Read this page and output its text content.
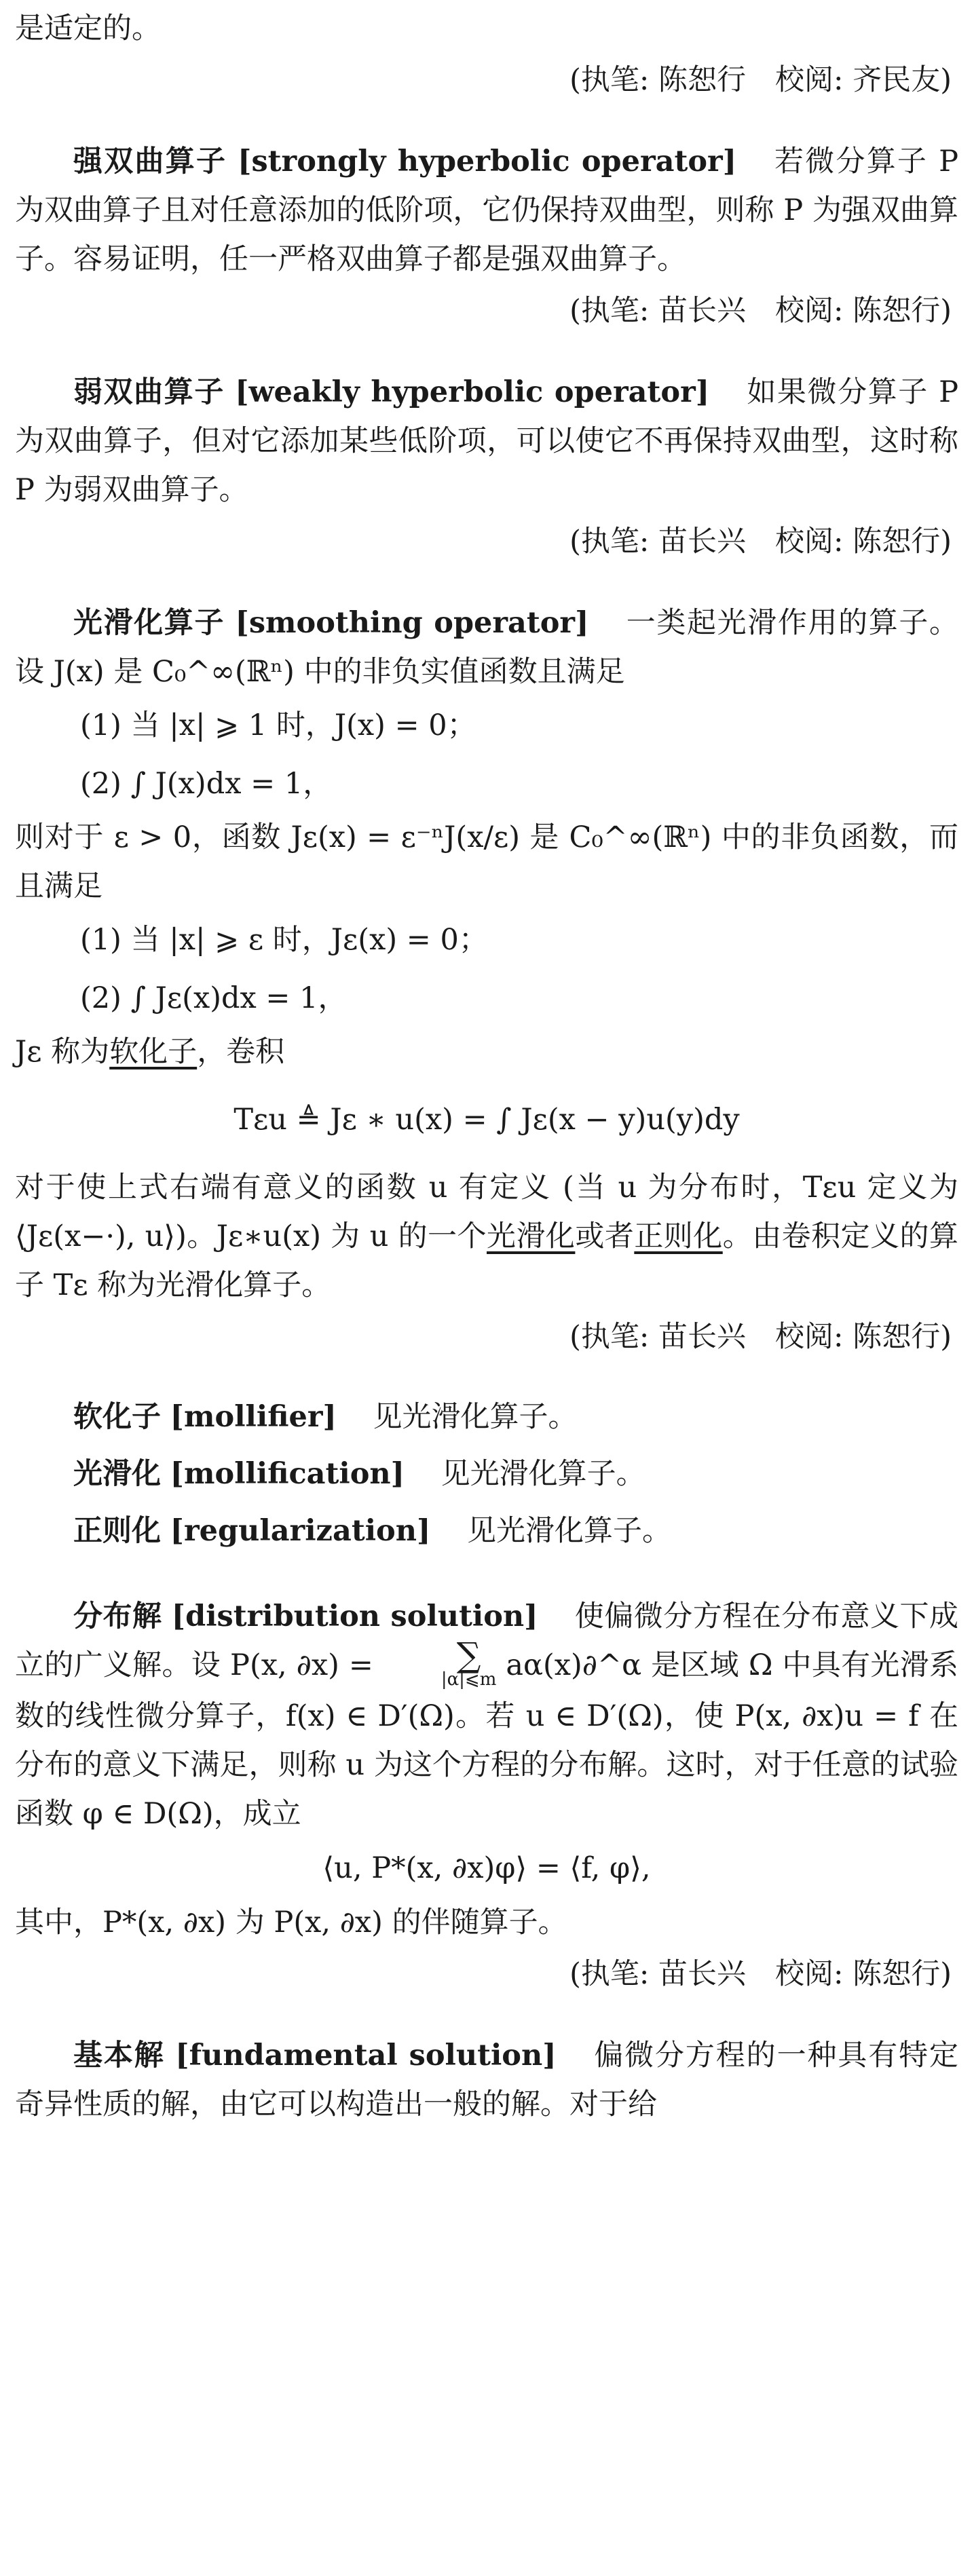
是适定的。

(执笔: 陈恕行　校阅: 齐民友)

强双曲算子 [strongly hyperbolic operator] 若微分算子 P 为双曲算子且对任意添加的低阶项，它仍保持双曲型，则称 P 为强双曲算子。容易证明，任一严格双曲算子都是强双曲算子。

(执笔: 苗长兴　校阅: 陈恕行)

弱双曲算子 [weakly hyperbolic operator] 如果微分算子 P 为双曲算子，但对它添加某些低阶项，可以使它不再保持双曲型，这时称 P 为弱双曲算子。

(执笔: 苗长兴　校阅: 陈恕行)

光滑化算子 [smoothing operator] 一类起光滑作用的算子。设 J(x) 是 C₀^∞(ℝⁿ) 中的非负实值函数且满足

(1) 当 |x| ⩾ 1 时，J(x) = 0；

(2) ∫ J(x)dx = 1，

则对于 ε > 0，函数 Jε(x) = ε⁻ⁿJ(x/ε) 是 C₀^∞(ℝⁿ) 中的非负函数，而且满足

(1) 当 |x| ⩾ ε 时，Jε(x) = 0；

(2) ∫ Jε(x)dx = 1，

Jε 称为软化子，卷积

Tεu ≜ Jε ∗ u(x) = ∫ Jε(x − y)u(y)dy

对于使上式右端有意义的函数 u 有定义 (当 u 为分布时，Tεu 定义为 ⟨Jε(x−·), u⟩)。Jε∗u(x) 为 u 的一个光滑化或者正则化。由卷积定义的算子 Tε 称为光滑化算子。

(执笔: 苗长兴　校阅: 陈恕行)

软化子 [mollifier] 见光滑化算子。

光滑化 [mollification] 见光滑化算子。

正则化 [regularization] 见光滑化算子。

分布解 [distribution solution] 使偏微分方程在分布意义下成立的广义解。设 P(x, ∂x) =	∑
|α|⩽m aα(x)∂^α 是区域 Ω 中具有光滑系数的线性微分算子，f(x) ∈ D′(Ω)。若 u ∈ D′(Ω)，使 P(x, ∂x)u = f 在分布的意义下满足，则称 u 为这个方程的分布解。这时，对于任意的试验函数 φ ∈ D(Ω)，成立

⟨u, P*(x, ∂x)φ⟩ = ⟨f, φ⟩,

其中，P*(x, ∂x) 为 P(x, ∂x) 的伴随算子。

(执笔: 苗长兴　校阅: 陈恕行)

基本解 [fundamental solution] 偏微分方程的一种具有特定奇异性质的解，由它可以构造出一般的解。对于给
